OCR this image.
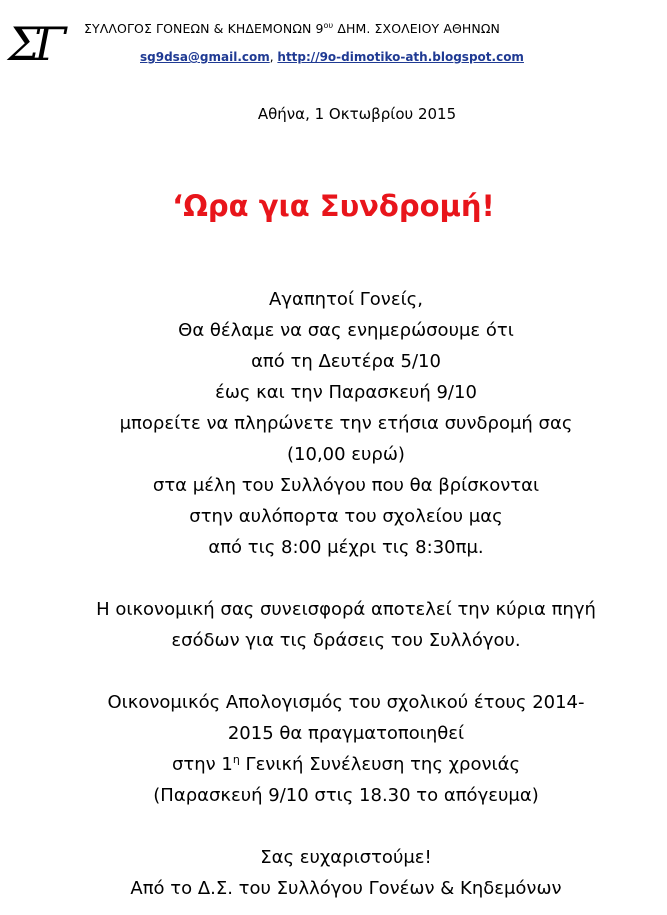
ΣΓ	ΣΥΛΛΟΓΟΣ ΓΟΝΕΩΝ & ΚΗΔΕΜΟΝΩΝ $9^{o\upsilon}$ ΔΗΜ. ΣΧΟΛΕΙΟΥ ΑΘΗΝΩΝ
sg9dsa@gmail.com, http://9o-dimotiko-ath.blogspot.com
Αθήνα, 1 Οκτωβρίου 2015
‘Ωρα για Συνδρομή!
Αγαπητοί Γονείς,
Θα θέλαμε να σας ενημερώσουμε ότι
από τη Δευτέρα 5/10
έως και την Παρασκευή 9/10
μπορείτε να πληρώνετε την ετήσια συνδρομή σας
(10,00 ευρώ)
στα μέλη του Συλλόγου που θα βρίσκονται
στην αυλόπορτα του σχολείου μας
από τις 8:00 μέχρι τις 8:30πμ.
Η οικονομική σας συνεισφορά αποτελεί την κύρια πηγή
εσόδων για τις δράσεις του Συλλόγου.
Οικονομικός Απολογισμός του σχολικού έτους 2014-
2015 θα πραγματοποιηθεί
στην $1^\eta$ Γενική Συνέλευση της χρονιάς
(Παρασκευή 9/10 στις 18.30 το απόγευμα)
Σας ευχαριστούμε!
Από το Δ.Σ. του Συλλόγου Γονέων & Κηδεμόνων
